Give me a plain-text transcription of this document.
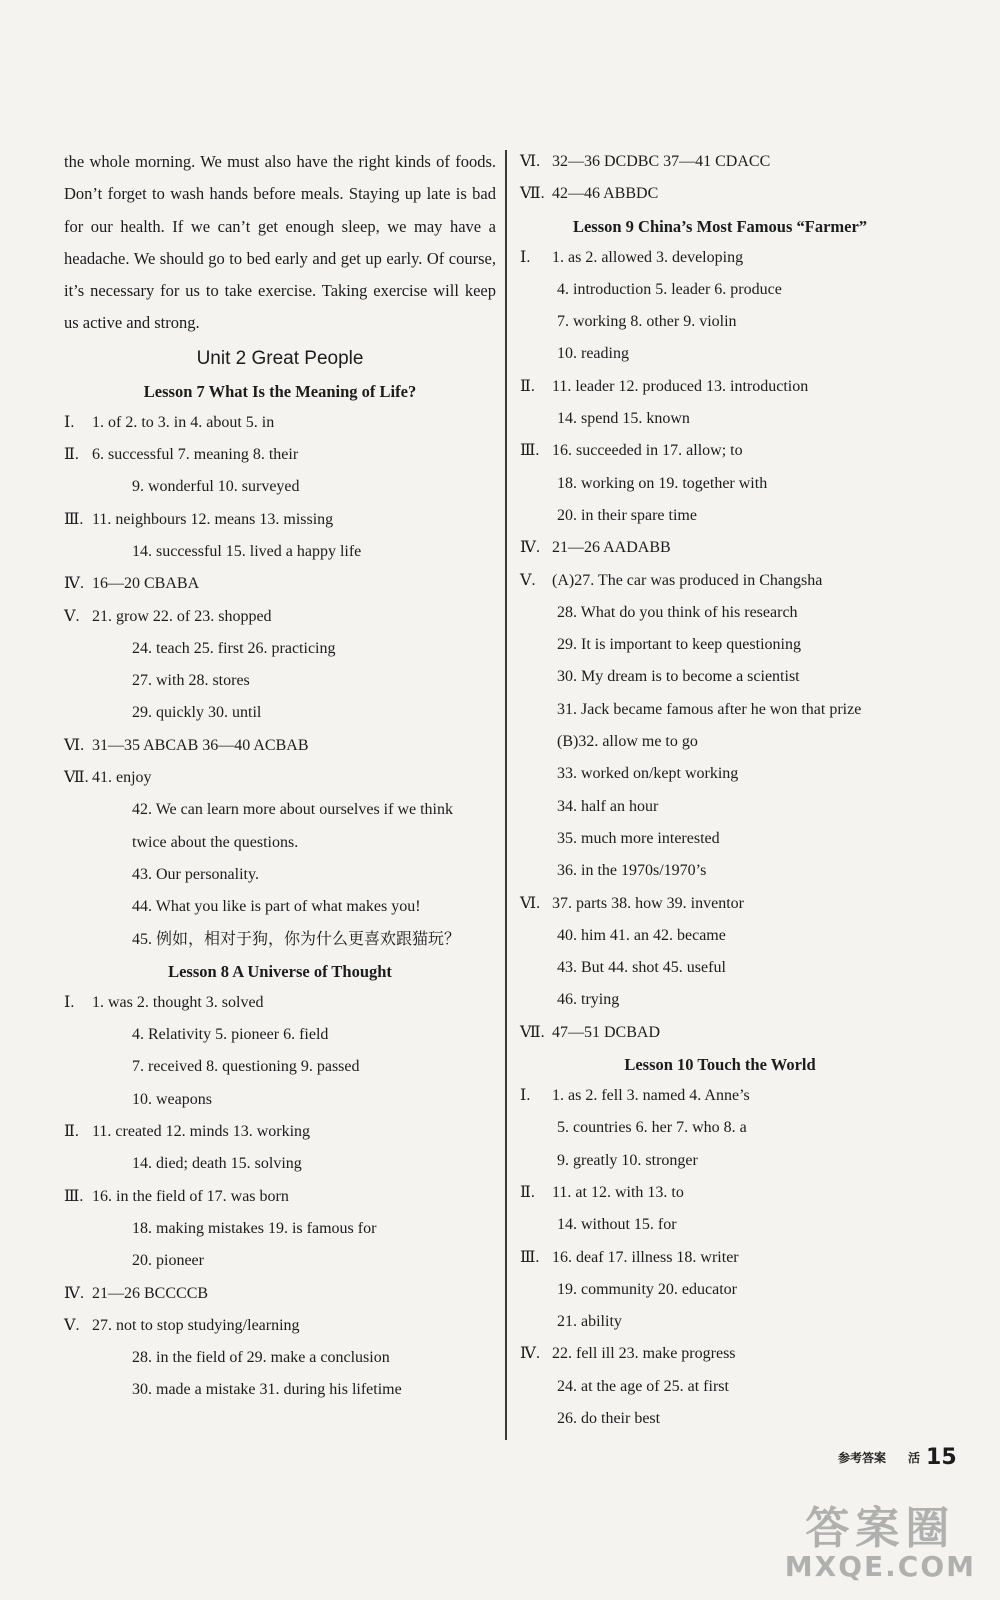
the whole morning. We must also have the right kinds of foods. Don’t forget to wash hands before meals. Staying up late is bad for our health. If we can’t get enough sleep, we may have a headache. We should go to bed early and get up early. Of course, it’s necessary for us to take exercise. Taking exercise will keep us active and strong.

Unit 2 Great People
Lesson 7 What Is the Meaning of Life?
Ⅰ.	1. of 2. to 3. in 4. about 5. in
Ⅱ. 6. successful 7. meaning 8. their
9. wonderful 10. surveyed
Ⅲ. 11. neighbours 12. means 13. missing
14. successful 15. lived a happy life
Ⅳ. 16—20 CBABA
Ⅴ. 21. grow 22. of 23. shopped
24. teach 25. first 26. practicing
27. with 28. stores
29. quickly 30. until
Ⅵ. 31—35 ABCAB 36—40 ACBAB
Ⅶ. 41. enjoy
42. We can learn more about ourselves if we think
twice about the questions.
43. Our personality.
44. What you like is part of what makes you!
45. 例如，相对于狗，你为什么更喜欢跟猫玩？
Lesson 8 A Universe of Thought
Ⅰ.	1. was 2. thought 3. solved
4. Relativity 5. pioneer 6. field
7. received 8. questioning 9. passed
10. weapons
Ⅱ. 11. created 12. minds 13. working
14. died; death 15. solving
Ⅲ. 16. in the field of 17. was born
18. making mistakes 19. is famous for
20. pioneer
Ⅳ. 21—26 BCCCCB
Ⅴ. 27. not to stop studying/learning
28. in the field of 29. make a conclusion
30. made a mistake 31. during his lifetime
Ⅵ. 32—36 DCDBC 37—41 CDACC
Ⅶ. 42—46 ABBDC
Lesson 9 China’s Most Famous “Farmer”
Ⅰ.	1. as 2. allowed 3. developing
4. introduction 5. leader 6. produce
7. working 8. other 9. violin
10. reading
Ⅱ.	11. leader 12. produced 13. introduction
14. spend 15. known
Ⅲ. 16. succeeded in 17. allow; to
18. working on 19. together with
20. in their spare time
Ⅳ. 21—26 AADABB
Ⅴ.	(A)27. The car was produced in Changsha
28. What do you think of his research
29. It is important to keep questioning
30. My dream is to become a scientist
31. Jack became famous after he won that prize
(B)32. allow me to go
33. worked on/kept working
34. half an hour
35. much more interested
36. in the 1970s/1970’s
Ⅵ. 37. parts 38. how 39. inventor
40. him 41. an 42. became
43. But 44. shot 45. useful
46. trying
Ⅶ. 47—51 DCBAD
Lesson 10 Touch the World
Ⅰ.	1. as 2. fell 3. named 4. Anne’s
5. countries 6. her 7. who 8. a
9. greatly 10. stronger
Ⅱ.	11. at 12. with 13. to
14. without 15. for
Ⅲ. 16. deaf 17. illness 18. writer
19. community 20. educator
21. ability
Ⅳ. 22. fell ill 23. make progress
24. at the age of 25. at first
26. do their best
参考答案 活 15
答案圈
MXQE.COM
